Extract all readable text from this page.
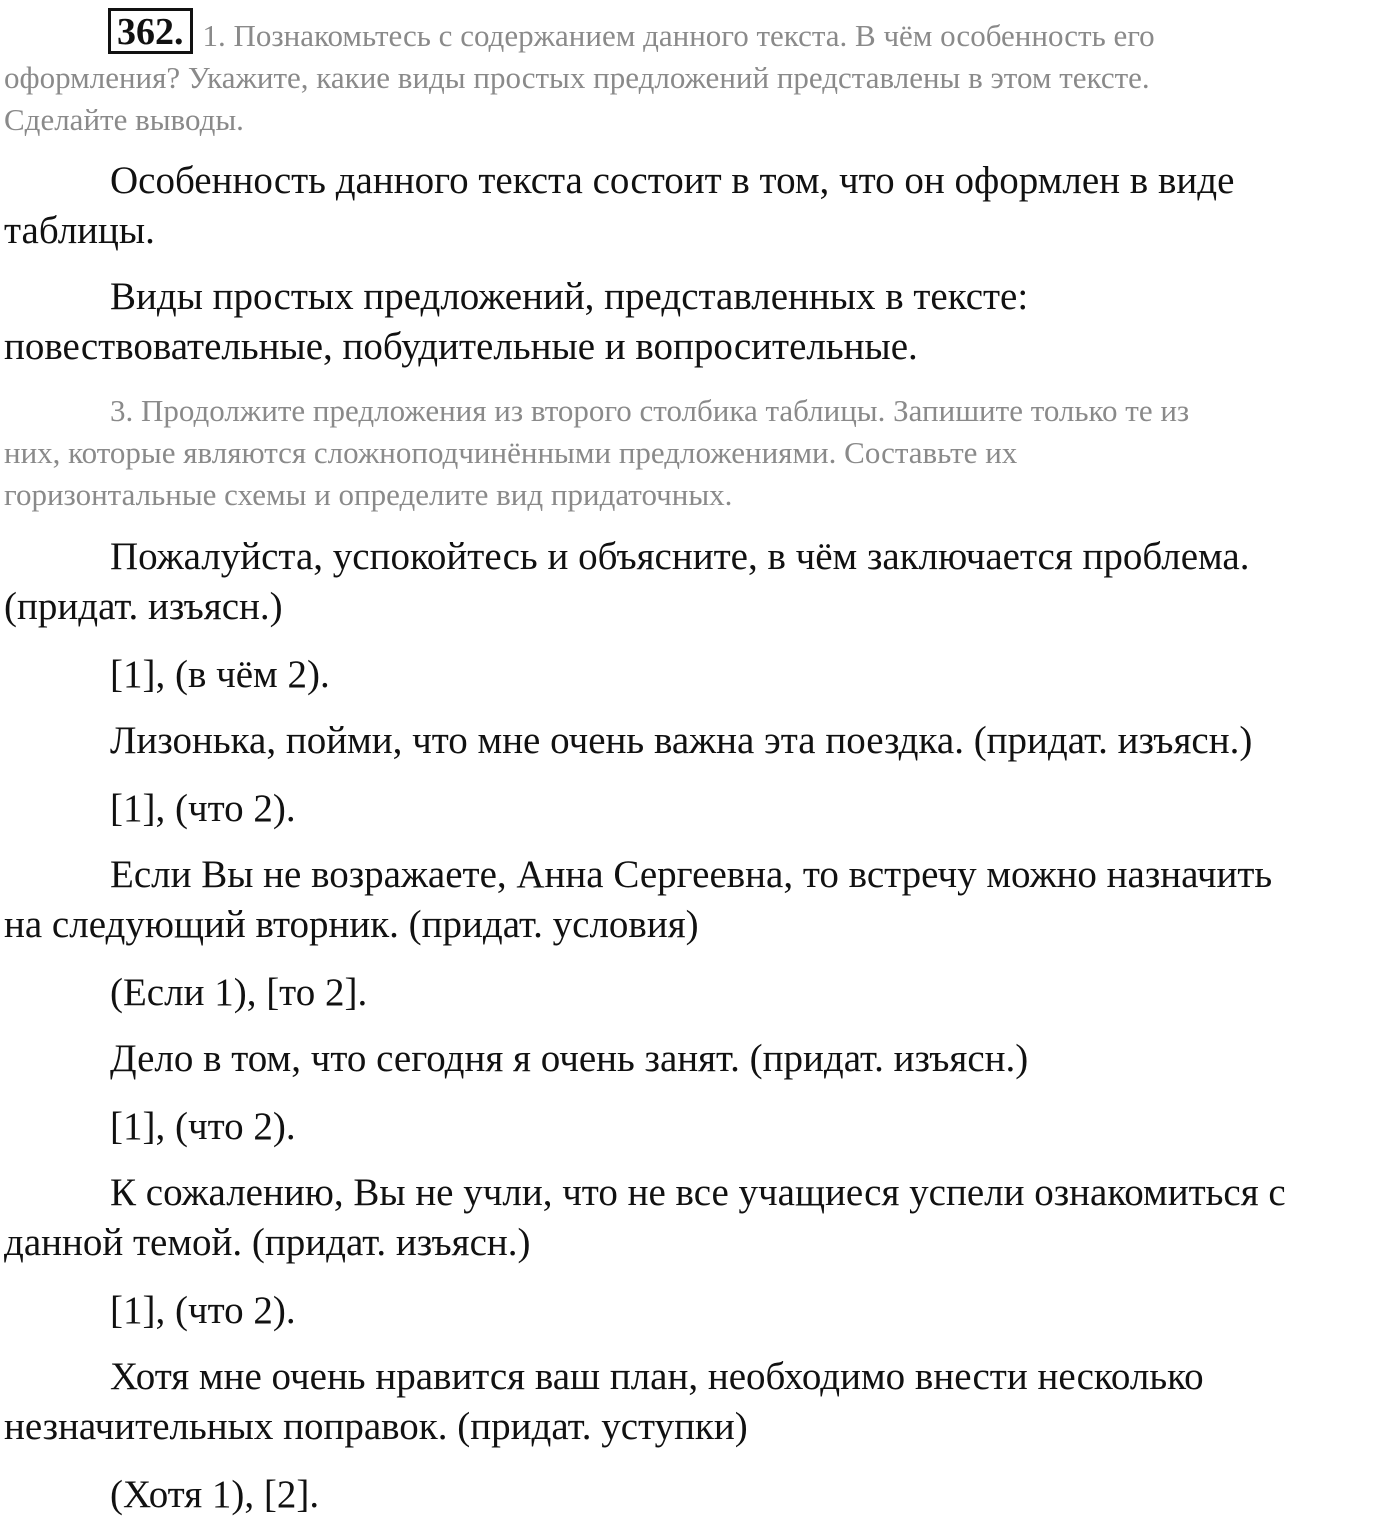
362. 1. Познакомьтесь с содержанием данного текста. В чём особенность его
оформления? Укажите, какие виды простых предложений представлены в этом тексте.
Сделайте выводы.
Особенность данного текста состоит в том, что он оформлен в виде
таблицы.
Виды простых предложений, представленных в тексте:
повествовательные, побудительные и вопросительные.
3. Продолжите предложения из второго столбика таблицы. Запишите только те из
них, которые являются сложноподчинёнными предложениями. Составьте их
горизонтальные схемы и определите вид придаточных.
Пожалуйста, успокойтесь и объясните, в чём заключается проблема.
(придат. изъясн.)
[1], (в чём 2).
Лизонька, пойми, что мне очень важна эта поездка. (придат. изъясн.)
[1], (что 2).
Если Вы не возражаете, Анна Сергеевна, то встречу можно назначить
на следующий вторник. (придат. условия)
(Если 1), [то 2].
Дело в том, что сегодня я очень занят. (придат. изъясн.)
[1], (что 2).
К сожалению, Вы не учли, что не все учащиеся успели ознакомиться с
данной темой. (придат. изъясн.)
[1], (что 2).
Хотя мне очень нравится ваш план, необходимо внести несколько
незначительных поправок. (придат. уступки)
(Хотя 1), [2].
